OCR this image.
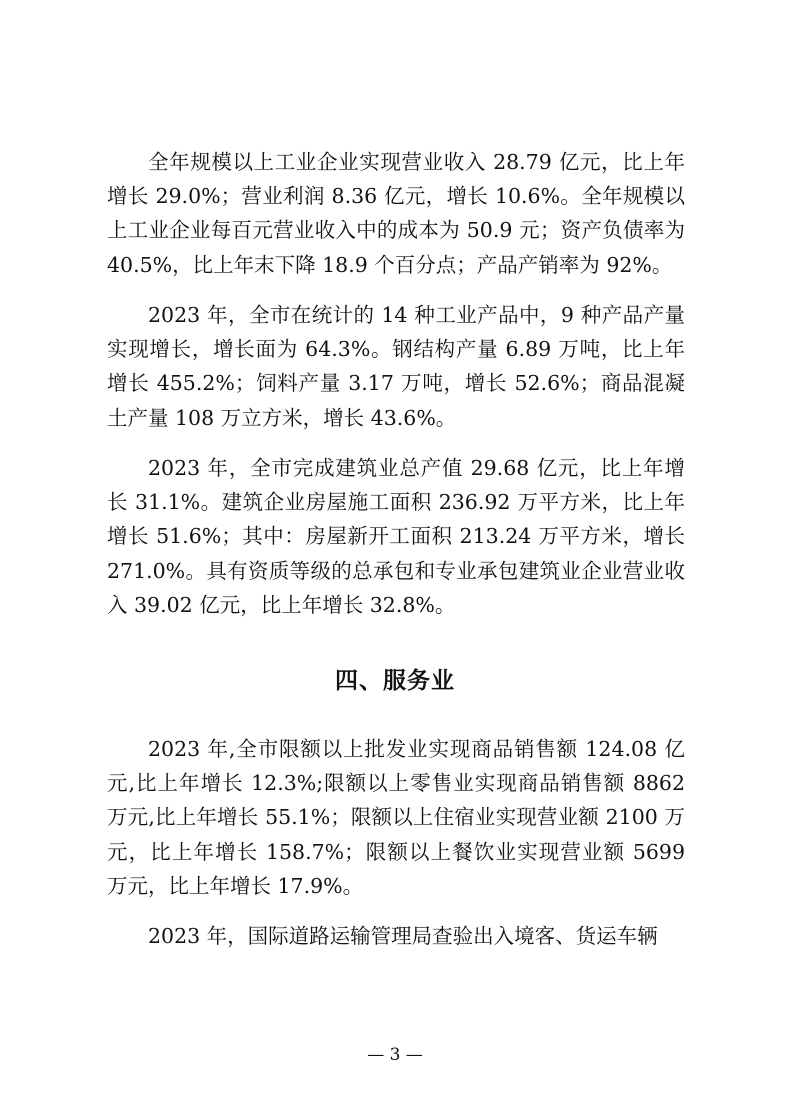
全年规模以上工业企业实现营业收入 28.79 亿元，比上年增长 29.0%；营业利润 8.36 亿元，增长 10.6%。全年规模以上工业企业每百元营业收入中的成本为 50.9 元；资产负债率为 40.5%，比上年末下降 18.9 个百分点；产品产销率为 92%。

2023 年，全市在统计的 14 种工业产品中，9 种产品产量实现增长，增长面为 64.3%。钢结构产量 6.89 万吨，比上年增长 455.2%；饲料产量 3.17 万吨，增长 52.6%；商品混凝土产量 108 万立方米，增长 43.6%。

2023 年，全市完成建筑业总产值 29.68 亿元，比上年增长 31.1%。建筑企业房屋施工面积 236.92 万平方米，比上年增长 51.6%；其中：房屋新开工面积 213.24 万平方米，增长 271.0%。具有资质等级的总承包和专业承包建筑业企业营业收入 39.02 亿元，比上年增长 32.8%。

四、服务业

2023 年,全市限额以上批发业实现商品销售额 124.08 亿元,比上年增长 12.3%;限额以上零售业实现商品销售额 8862 万元,比上年增长 55.1%；限额以上住宿业实现营业额 2100 万元，比上年增长 158.7%；限额以上餐饮业实现营业额 5699 万元，比上年增长 17.9%。

2023 年，国际道路运输管理局查验出入境客、货运车辆

— 3 —
